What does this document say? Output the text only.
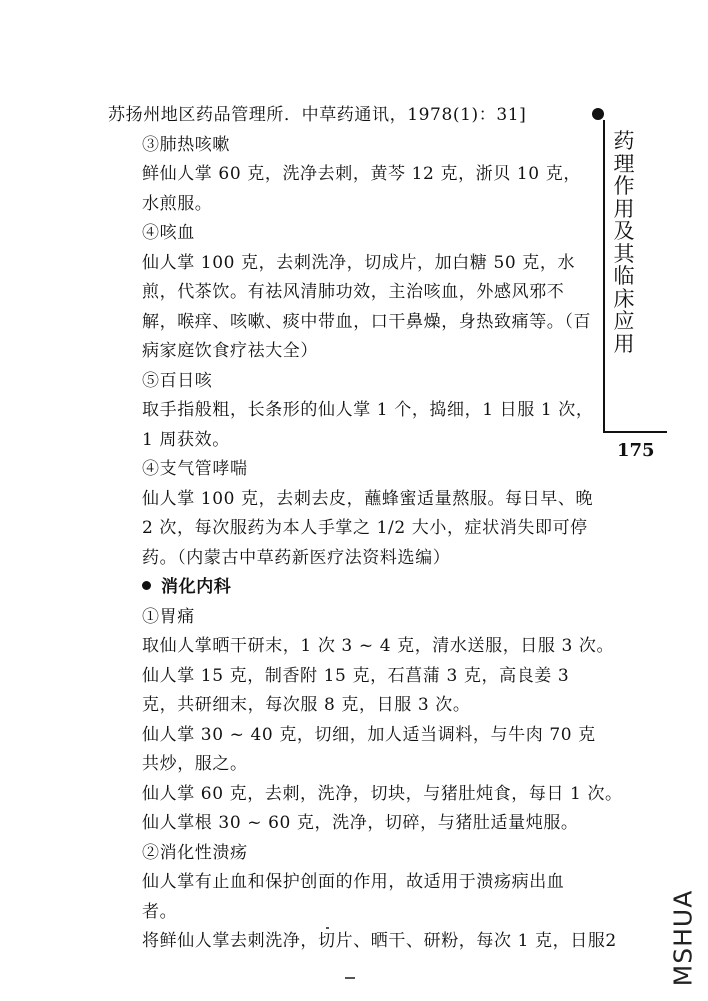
苏扬州地区药品管理所．中草药通讯，1978(1)：31]
③肺热咳嗽
鲜仙人掌 60 克，洗净去刺，黄芩 12 克，浙贝 10 克，水煎服。
④咳血
仙人掌 100 克，去刺洗净，切成片，加白糖 50 克，水煎，代茶饮。有祛风清肺功效，主治咳血，外感风邪不解，喉痒、咳嗽、痰中带血，口干鼻燥，身热致痛等。（百病家庭饮食疗祛大全）
⑤百日咳
取手指般粗，长条形的仙人掌 1 个，捣细，1 日服 1 次，1 周获效。
④支气管哮喘
仙人掌 100 克，去刺去皮，蘸蜂蜜适量熬服。每日早、晚 2 次，每次服药为本人手掌之 1/2 大小，症状消失即可停药。（内蒙古中草药新医疗法资料选编）
消化内科
①胃痛
取仙人掌晒干研末，1 次 3 ~ 4 克，清水送服，日服 3 次。
仙人掌 15 克，制香附 15 克，石菖蒲 3 克，高良姜 3 克，共研细末，每次服 8 克，日服 3 次。
仙人掌 30 ~ 40 克，切细，加人适当调料，与牛肉 70 克共炒，服之。
仙人掌 60 克，去刺，洗净，切块，与猪肚炖食，每日 1 次。
仙人掌根 30 ~ 60 克，洗净，切碎，与猪肚适量炖服。
②消化性溃疡
仙人掌有止血和保护创面的作用，故适用于溃疡病出血者。
将鲜仙人掌去刺洗净，切片、晒干、研粉，每次 1 克，日服2
药理作用及其临床应用
175
MSHUA
